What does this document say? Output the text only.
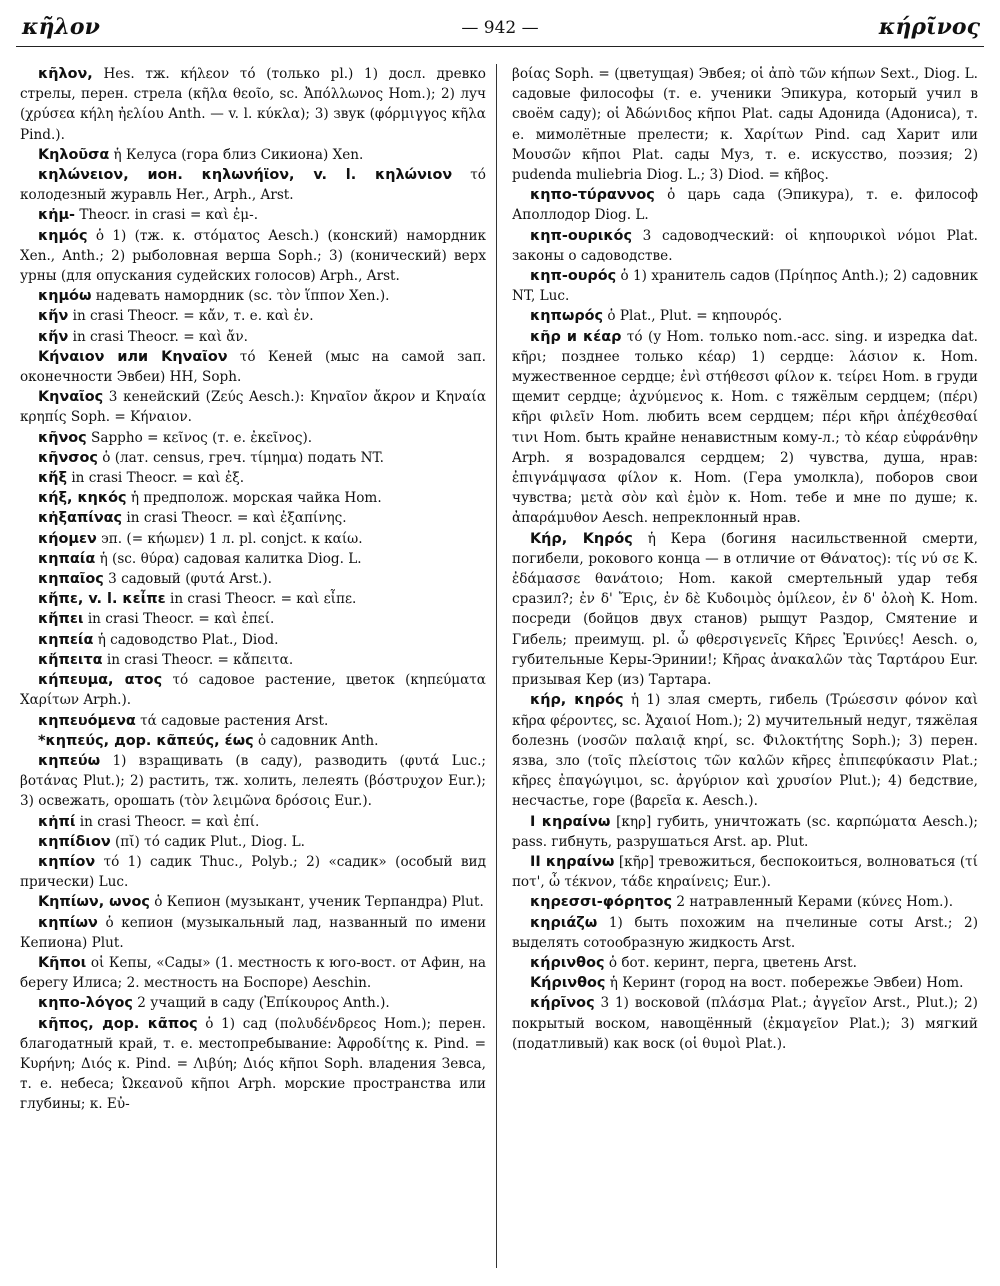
κῆλον	— 942 —	κήρῖνος

κῆλον, Hes. тж. κήλεον τό (только pl.) 1) досл. древко стрелы, перен. стрела (κῆλα θεοῖο, sc. Ἀπόλλωνος Hom.); 2) луч (χρύσεα κήλη ἠελίου Anth. — v. l. κύκλα); 3) звук (φόρμιγγος κῆλα Pind.).

Κηλοῦσα ἡ Келуса (гора близ Сикиона) Xen.

κηλώνειον, ион. κηλωνήϊον, v. l. κηλώνιον τό колодезный журавль Her., Arph., Arst.

κἠμ- Theocr. in crasi = καὶ ἐμ-.

κημός ὁ 1) (тж. κ. στόματος Aesch.) (конский) намордник Xen., Anth.; 2) рыболовная верша Soph.; 3) (конический) верх урны (для опускания судейских голосов) Arph., Arst.

κημόω надевать намордник (sc. τὸν ἵππον Xen.).

κἤν in crasi Theocr. = κἄν, т. е. καὶ ἐν.

κἤν in crasi Theocr. = καὶ ἄν.

Κήναιον или Κηναῖον τό Кеней (мыс на самой зап. оконечности Эвбеи) HH, Soph.

Κηναῖος 3 кенейский (Ζεύς Aesch.): Κηναῖον ἄκρον и Κηναία κρηπίς Soph. = Κήναιον.

κῆνος Sappho = κεῖνος (т. е. ἐκεῖνος).

κῆνσος ὁ (лат. census, греч. τίμημα) подать NT.

κἤξ in crasi Theocr. = καὶ ἐξ.

κήξ, κηκός ἡ предполож. морская чайка Hom.

κἠξαπίνας in crasi Theocr. = καὶ ἐξαπίνης.

κήομεν эп. (= κήωμεν) 1 л. pl. conjct. к καίω.

κηπαία ἡ (sc. θύρα) садовая калитка Diog. L.

κηπαῖος 3 садовый (φυτά Arst.).

κἤπε, v. l. κεἶπε in crasi Theocr. = καὶ εἶπε.

κἤπει in crasi Theocr. = καὶ ἐπεί.

κηπεία ἡ садоводство Plat., Diod.

κἤπειτα in crasi Theocr. = κἄπειτα.

κήπευμα, ατος τό садовое растение, цветок (κηπεύματα Χαρίτων Arph.).

κηπευόμενα τά садовые растения Arst.

*κηπεύς, дор. κᾶπεύς, έως ὁ садовник Anth.

κηπεύω 1) взращивать (в саду), разводить (φυτά Luc.; βοτάνας Plut.); 2) растить, тж. холить, лелеять (βόστρυχον Eur.); 3) освежать, орошать (τὸν λειμῶνα δρόσοις Eur.).

κἠπί in crasi Theocr. = καὶ ἐπί.

κηπίδιον (πῐ) τό садик Plut., Diog. L.

κηπίον τό 1) садик Thuc., Polyb.; 2) «садик» (особый вид прически) Luc.

Κηπίων, ωνος ὁ Кепион (музыкант, ученик Терпандра) Plut.

κηπίων ὁ кепион (музыкальный лад, названный по имени Кепиона) Plut.

Κῆποι οἱ Кепы, «Сады» (1. местность к юго-вост. от Афин, на берегу Илиса; 2. местность на Боспоре) Aeschin.

κηπο-λόγος 2 учащий в саду (Ἐπίκουρος Anth.).

κῆπος, дор. κᾶπος ὁ 1) сад (πολυδένδρεος Hom.); перен. благодатный край, т. е. местопребывание: Ἀφροδίτης κ. Pind. = Κυρήνη; Διός κ. Pind. = Λιβύη; Διός κῆποι Soph. владения Зевса, т. е. небеса; Ὠκεανοῦ κῆποι Arph. морские пространства или глубины; κ. Εὐ-

βοίας Soph. = (цветущая) Эвбея; οἱ ἀπὸ τῶν κήπων Sext., Diog. L. садовые философы (т. е. ученики Эпикура, который учил в своём саду); οἱ Ἀδώνιδος κῆποι Plat. сады Адонида (Адониса), т. е. мимолётные прелести; κ. Χαρίτων Pind. сад Харит или Μουσῶν κῆποι Plat. сады Муз, т. е. искусство, поэзия; 2) pudenda muliebria Diog. L.; 3) Diod. = κῆβος.

κηπο-τύραννος ὁ царь сада (Эпикура), т. е. философ Аполлодор Diog. L.

κηπ-ουρικός 3 садоводческий: οἱ κηπουρικοὶ νόμοι Plat. законы о садоводстве.

κηπ-ουρός ὁ 1) хранитель садов (Πρίηπος Anth.); 2) садовник NT, Luc.

κηπωρός ὁ Plat., Plut. = κηπουρός.

κῆρ и κέαρ τό (у Hom. только nom.-acc. sing. и изредка dat. κῆρι; позднее только κέαρ) 1) сердце: λάσιον κ. Hom. мужественное сердце; ἐνὶ στήθεσσι φίλον κ. τείρει Hom. в груди щемит сердце; ἀχνύμενος κ. Hom. с тяжёлым сердцем; (πέρι) κῆρι φιλεῖν Hom. любить всем сердцем; πέρι κῆρι ἀπέχθεσθαί τινι Hom. быть крайне ненавистным кому-л.; τὸ κέαρ εὐφράνθην Arph. я возрадовался сердцем; 2) чувства, душа, нрав: ἐπιγνάμψασα φίλον κ. Hom. (Гера умолкла), поборов свои чувства; μετὰ σὸν καὶ ἐμὸν κ. Hom. тебе и мне по душе; κ. ἀπαράμυθον Aesch. непреклонный нрав.

Κήρ, Κηρός ἡ Кера (богиня насильственной смерти, погибели, рокового конца — в отличие от Θάνατος): τίς νύ σε Κ. ἐδάμασσε θανάτοιο; Hom. какой смертельный удар тебя сразил?; ἐν δ' Ἔρις, ἐν δὲ Κυδοιμὸς ὁμίλεον, ἐν δ' ὀλοὴ Κ. Hom. посреди (бойцов двух станов) рыщут Раздор, Смятение и Гибель; преимущ. pl. ὦ φθερσιγενεῖς Κῆρες Ἐρινύες! Aesch. о, губительные Керы-Эринии!; Κῆρας ἀνακαλῶν τὰς Ταρτάρου Eur. призывая Кер (из) Тартара.

κήρ, κηρός ἡ 1) злая смерть, гибель (Τρώεσσιν φόνον καὶ κῆρα φέροντες, sc. Ἀχαιοί Hom.); 2) мучительный недуг, тяжёлая болезнь (νοσῶν παλαιᾷ κηρί, sc. Φιλοκτήτης Soph.); 3) перен. язва, зло (τοῖς πλείστοις τῶν καλῶν κῆρες ἐπιπεφύκασιν Plat.; κῆρες ἐπαγώγιμοι, sc. ἀργύριον καὶ χρυσίον Plut.); 4) бедствие, несчастье, горе (βαρεῖα κ. Aesch.).

I κηραίνω [κηρ] губить, уничтожать (sc. καρπώματα Aesch.); pass. гибнуть, разрушаться Arst. ap. Plut.

II κηραίνω [κῆρ] тревожиться, беспокоиться, волноваться (τί ποτ', ὦ τέκνον, τάδε κηραίνεις; Eur.).

κηρεσσι-φόρητος 2 натравленный Керами (κύνες Hom.).

κηριάζω 1) быть похожим на пчелиные соты Arst.; 2) выделять сотообразную жидкость Arst.

κήρινθος ὁ бот. керинт, перга, цветень Arst.

Κήρινθος ἡ Керинт (город на вост. побережье Эвбеи) Hom.

κήρῖνος 3 1) восковой (πλάσμα Plat.; ἀγγεῖον Arst., Plut.); 2) покрытый воском, навощённый (ἐκμαγεῖον Plat.); 3) мягкий (податливый) как воск (οἱ θυμοὶ Plat.).
